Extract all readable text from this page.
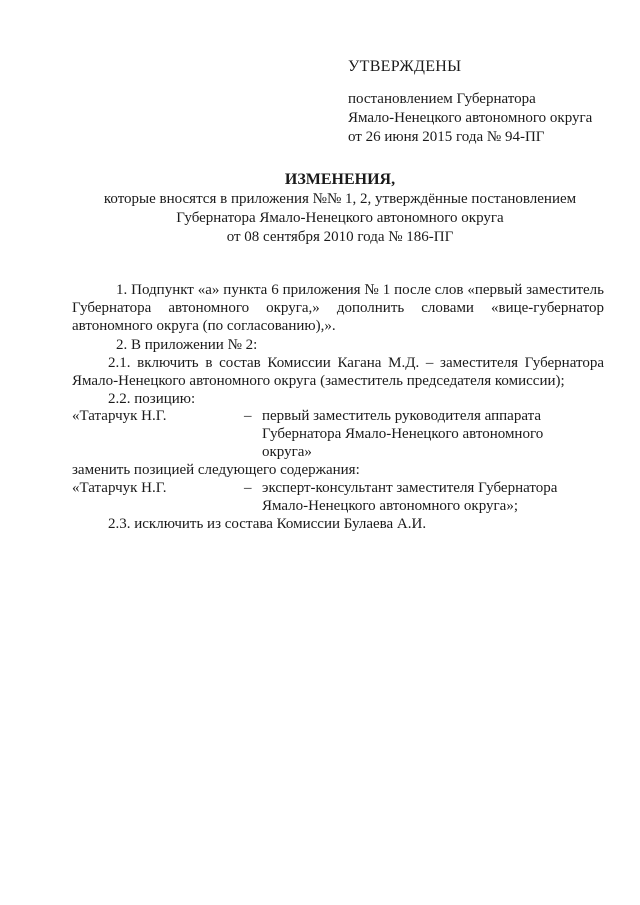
УТВЕРЖДЕНЫ
постановлением Губернатора
Ямало-Ненецкого автономного округа
от 26 июня 2015 года № 94-ПГ
ИЗМЕНЕНИЯ,
которые вносятся в приложения №№ 1, 2, утверждённые постановлением
Губернатора Ямало-Ненецкого автономного округа
от 08 сентября 2010 года № 186-ПГ
1. Подпункт «а» пункта 6 приложения № 1 после слов «первый заместитель
Губернатора автономного округа,» дополнить словами «вице-губернатор
автономного округа (по согласованию),».
2. В приложении № 2:
2.1. включить в состав Комиссии Кагана М.Д. – заместителя Губернатора
Ямало-Ненецкого автономного округа (заместитель председателя комиссии);
2.2. позицию:
«Татарчук Н.Г.	– первый заместитель руководителя аппарата
Губернатора Ямало-Ненецкого автономного
округа»
заменить позицией следующего содержания:
«Татарчук Н.Г.	– эксперт-консультант заместителя Губернатора
Ямало-Ненецкого автономного округа»;
2.3. исключить из состава Комиссии Булаева А.И.
